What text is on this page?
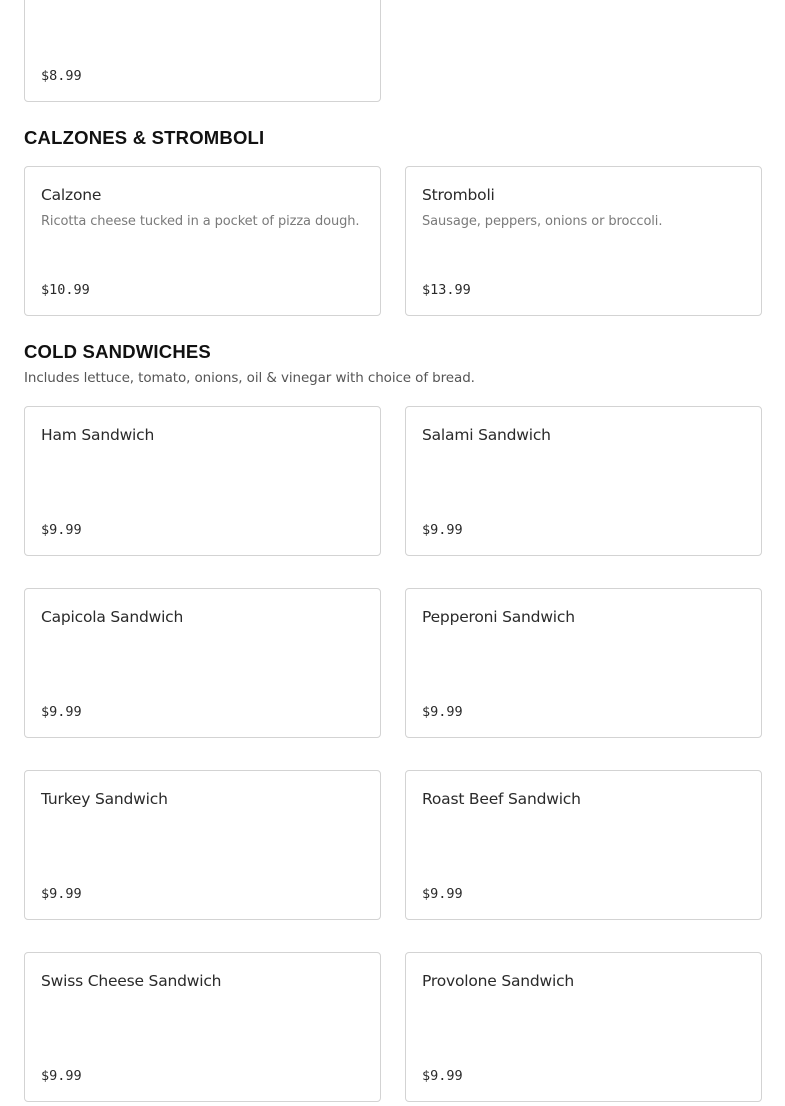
$8.99
CALZONES & STROMBOLI
Calzone
Ricotta cheese tucked in a pocket of pizza dough.
$10.99
Stromboli
Sausage, peppers, onions or broccoli.
$13.99
COLD SANDWICHES
Includes lettuce, tomato, onions, oil & vinegar with choice of bread.
Ham Sandwich
$9.99
Salami Sandwich
$9.99
Capicola Sandwich
$9.99
Pepperoni Sandwich
$9.99
Turkey Sandwich
$9.99
Roast Beef Sandwich
$9.99
Swiss Cheese Sandwich
$9.99
Provolone Sandwich
$9.99
